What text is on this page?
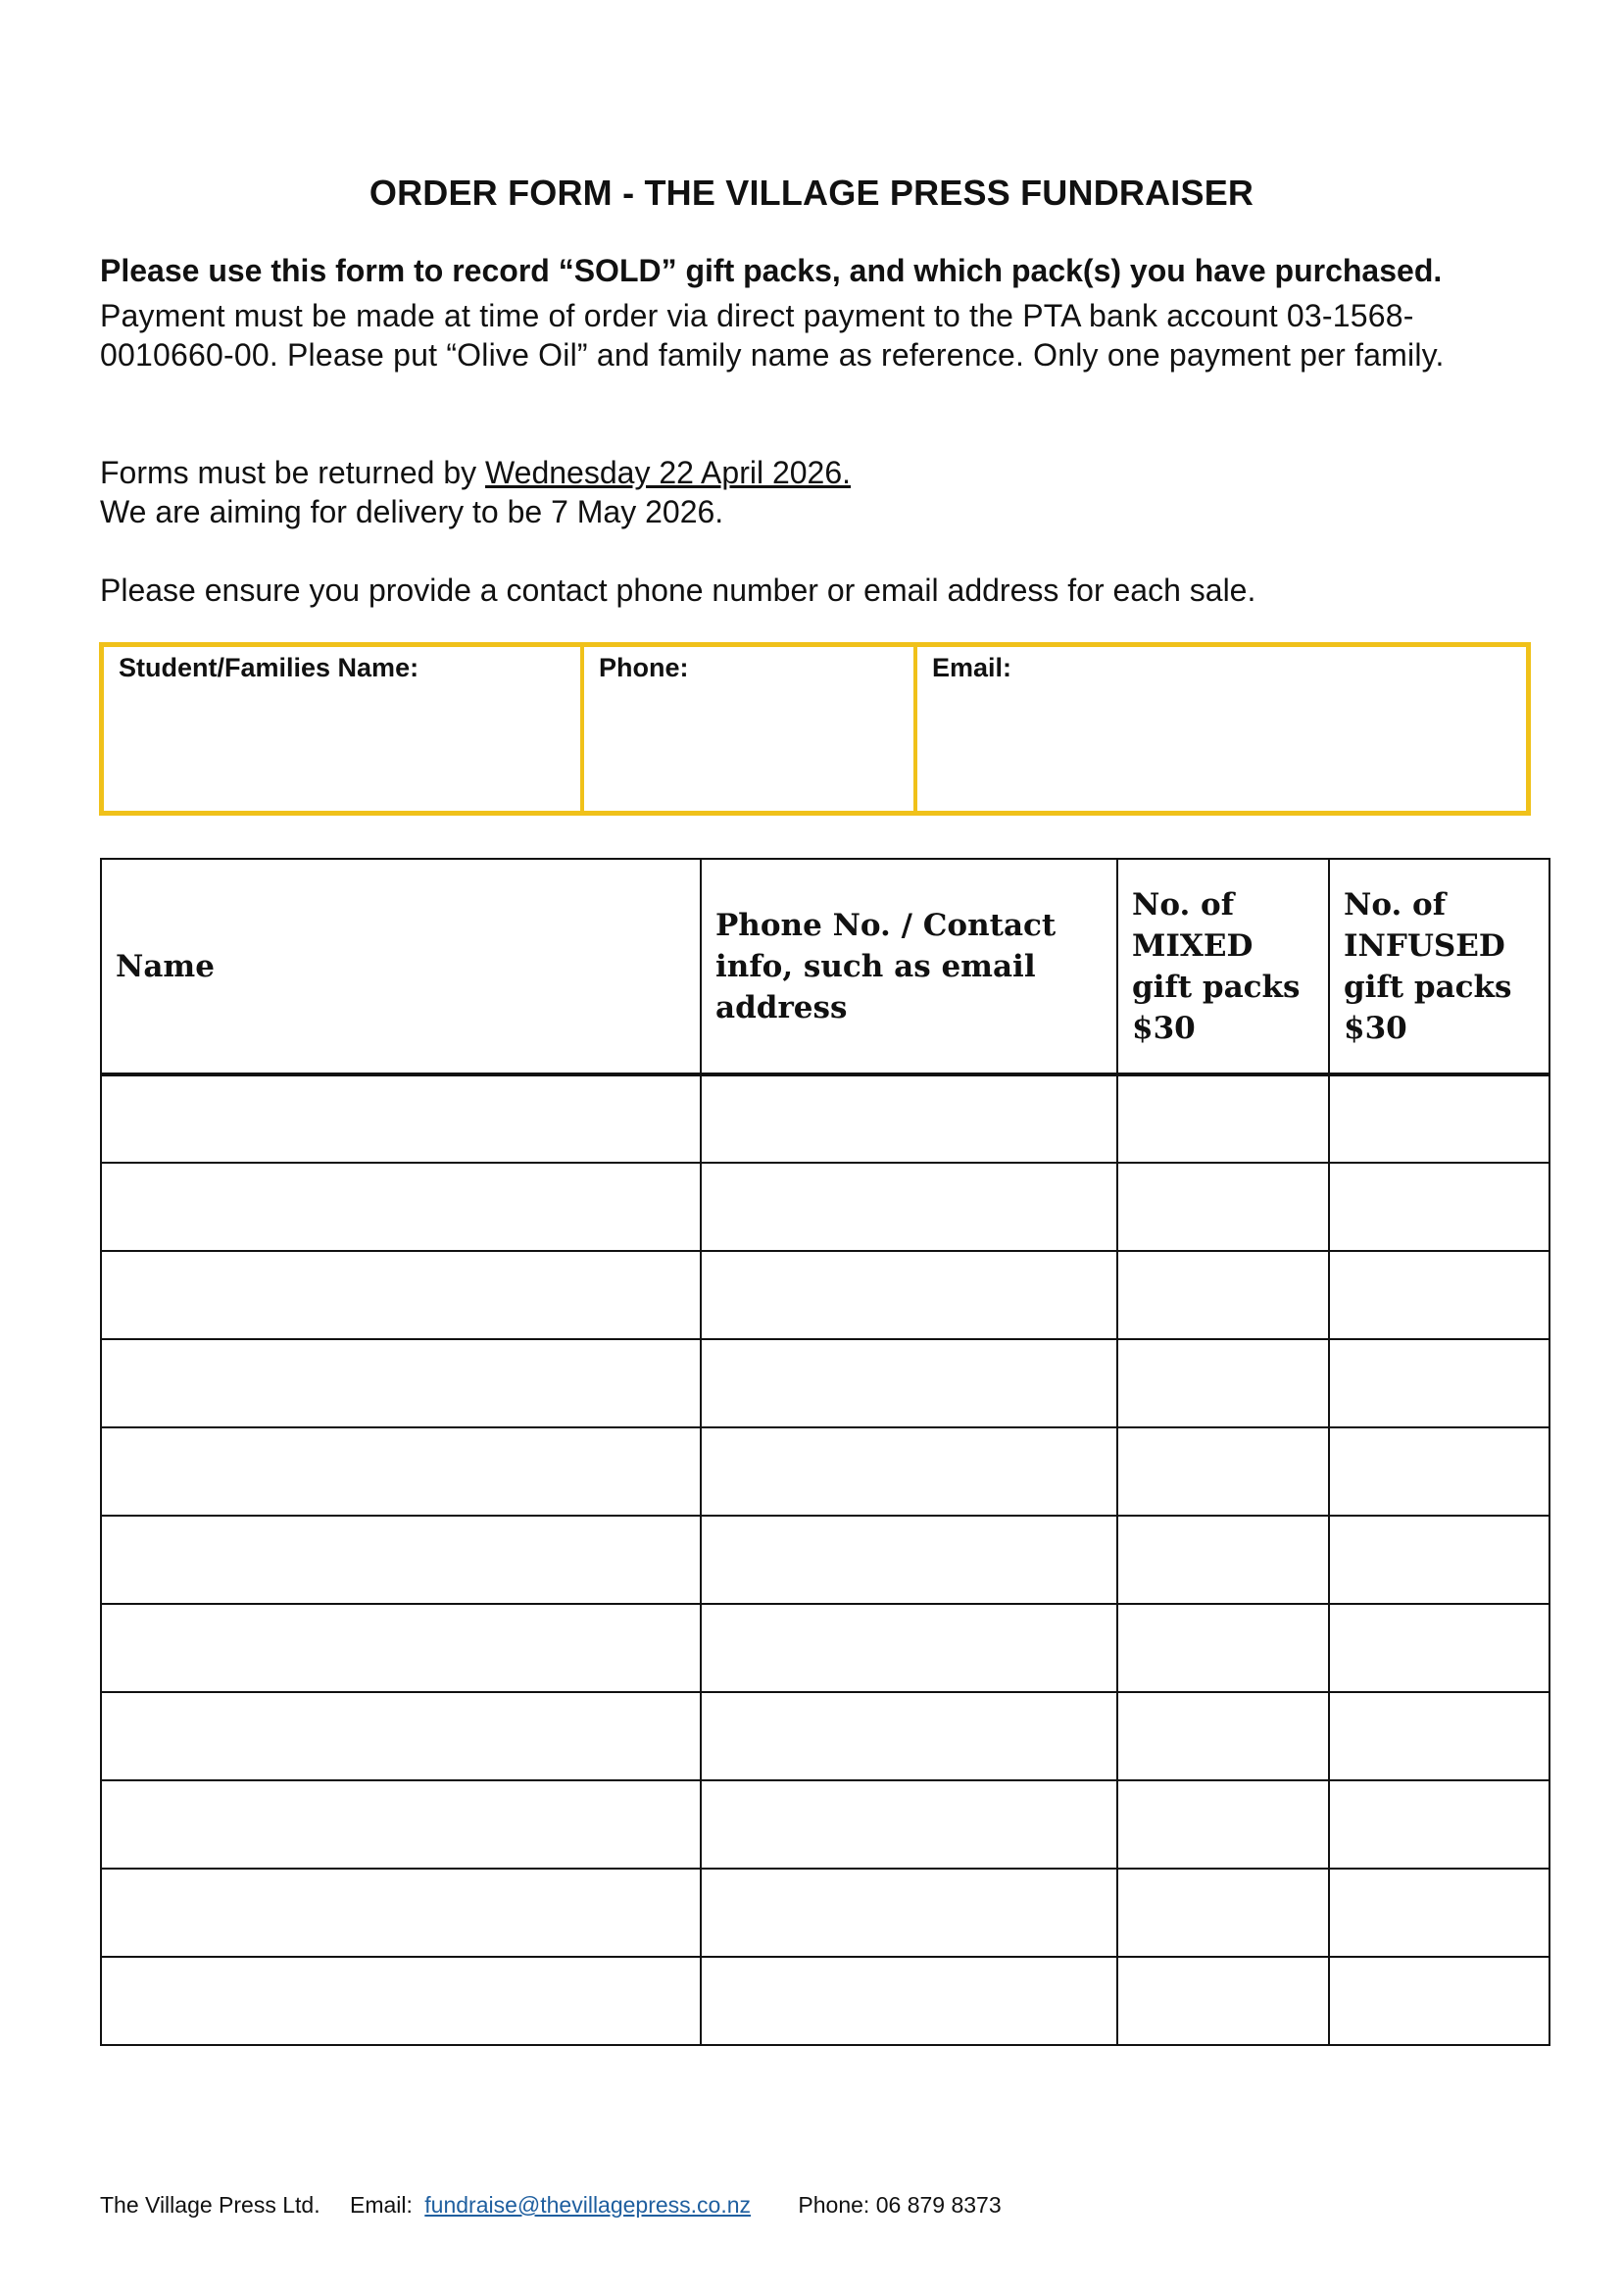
ORDER FORM - THE VILLAGE PRESS FUNDRAISER
Please use this form to record “SOLD” gift packs, and which pack(s) you have purchased.
Payment must be made at time of order via direct payment to the PTA bank account 03-1568-0010660-00. Please put “Olive Oil” and family name as reference. Only one payment per family.
Forms must be returned by Wednesday 22 April 2026.
We are aiming for delivery to be 7 May 2026.
Please ensure you provide a contact phone number or email address for each sale.
Student/Families Name:	Phone:	Email:
Name	Phone No. / Contact info, such as email address	No. of MIXED gift packs $30	No. of INFUSED gift packs $30

The Village Press Ltd. Email: fundraise@thevillagepress.co.nz Phone: 06 879 8373
